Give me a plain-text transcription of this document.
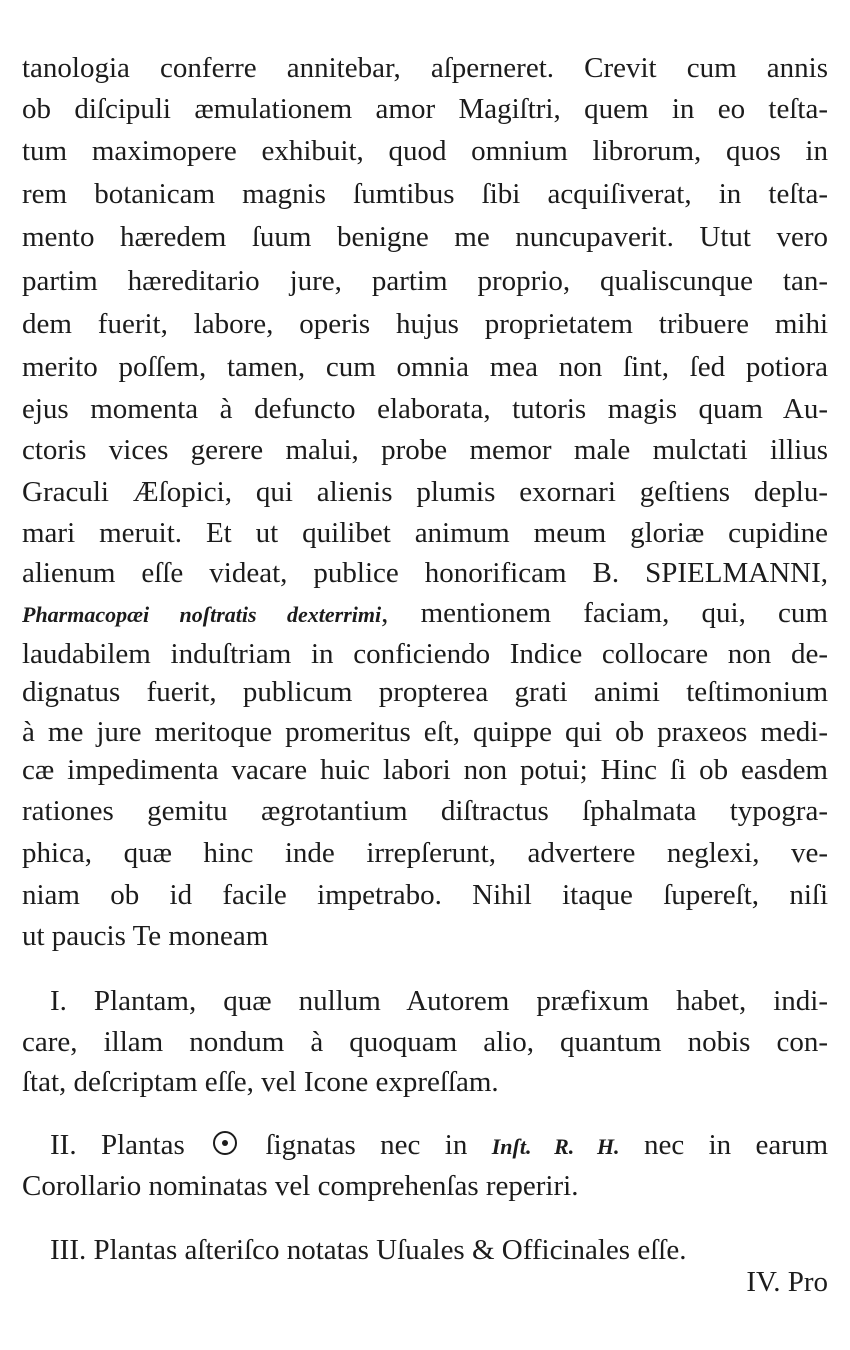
tanologia conferre annitebar, aſperneret. Crevit cum annis
ob diſcipuli æmulationem amor Magiſtri, quem in eo teſta-
tum maximopere exhibuit, quod omnium librorum, quos in
rem botanicam magnis ſumtibus ſibi acquiſiverat, in teſta-
mento hæredem ſuum benigne me nuncupaverit. Utut vero
partim hæreditario jure, partim proprio, qualiscunque tan-
dem fuerit, labore, operis hujus proprietatem tribuere mihi
merito poſſem, tamen, cum omnia mea non ſint, ſed potiora
ejus momenta à defuncto elaborata, tutoris magis quam Au-
ctoris vices gerere malui, probe memor male mulctati illius
Graculi Æſopici, qui alienis plumis exornari geſtiens deplu-
mari meruit. Et ut quilibet animum meum gloriæ cupidine
alienum eſſe videat, publice honorificam B. SPIELMANNI,
Pharmacopæi noſtratis dexterrimi, mentionem faciam, qui, cum
laudabilem induſtriam in conficiendo Indice collocare non de-
dignatus fuerit, publicum propterea grati animi teſtimonium
à me jure meritoque promeritus eſt, quippe qui ob praxeos medi-
cæ impedimenta vacare huic labori non potui; Hinc ſi ob easdem
rationes gemitu ægrotantium diſtractus ſphalmata typogra-
phica, quæ hinc inde irrepſerunt, advertere neglexi, ve-
niam ob id facile impetrabo. Nihil itaque ſupereſt, niſi
ut paucis Te moneam
I. Plantam, quæ nullum Autorem præfixum habet, indi-
care, illam nondum à quoquam alio, quantum nobis con-
ſtat, deſcriptam eſſe, vel Icone expreſſam.
II. Plantas	ſignatas nec in Inſt. R. H. nec in earum
Corollario nominatas vel comprehenſas reperiri.
III. Plantas aſteriſco notatas Uſuales & Officinales eſſe.
IV. Pro
